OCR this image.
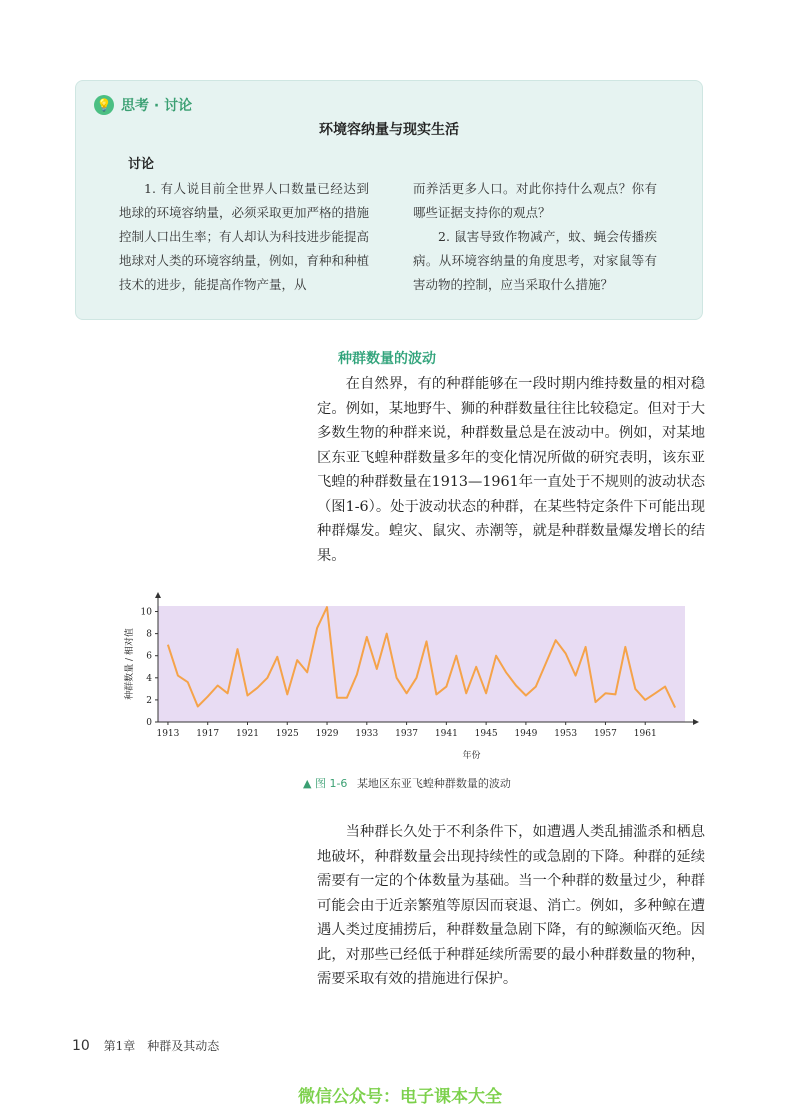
💡 思考 · 讨论
环境容纳量与现实生活
讨论

1. 有人说目前全世界人口数量已经达到地球的环境容纳量，必须采取更加严格的措施控制人口出生率；有人却认为科技进步能提高地球对人类的环境容纳量，例如，育种和种植技术的进步，能提高作物产量，从

而养活更多人口。对此你持什么观点？你有哪些证据支持你的观点？

2. 鼠害导致作物减产，蚊、蝇会传播疾病。从环境容纳量的角度思考，对家鼠等有害动物的控制，应当采取什么措施？

种群数量的波动

在自然界，有的种群能够在一段时期内维持数量的相对稳定。例如，某地野牛、狮的种群数量往往比较稳定。但对于大多数生物的种群来说，种群数量总是在波动中。例如，对某地区东亚飞蝗种群数量多年的变化情况所做的研究表明，该东亚飞蝗的种群数量在1913—1961年一直处于不规则的波动状态（图1-6）。处于波动状态的种群，在某些特定条件下可能出现种群爆发。蝗灾、鼠灾、赤潮等，就是种群数量爆发增长的结果。

0
2
4
6
8
10
1913 1917 1921 1925 1929 1933 1937 1941 1945 1949 1953 1957 1961
年份
种群数量 / 相对值
▲ 图 1-6 某地区东亚飞蝗种群数量的波动

当种群长久处于不利条件下，如遭遇人类乱捕滥杀和栖息地破坏，种群数量会出现持续性的或急剧的下降。种群的延续需要有一定的个体数量为基础。当一个种群的数量过少，种群可能会由于近亲繁殖等原因而衰退、消亡。例如，多种鲸在遭遇人类过度捕捞后，种群数量急剧下降，有的鲸濒临灭绝。因此，对那些已经低于种群延续所需要的最小种群数量的物种，需要采取有效的措施进行保护。

10 第1章　种群及其动态
微信公众号：电子课本大全
